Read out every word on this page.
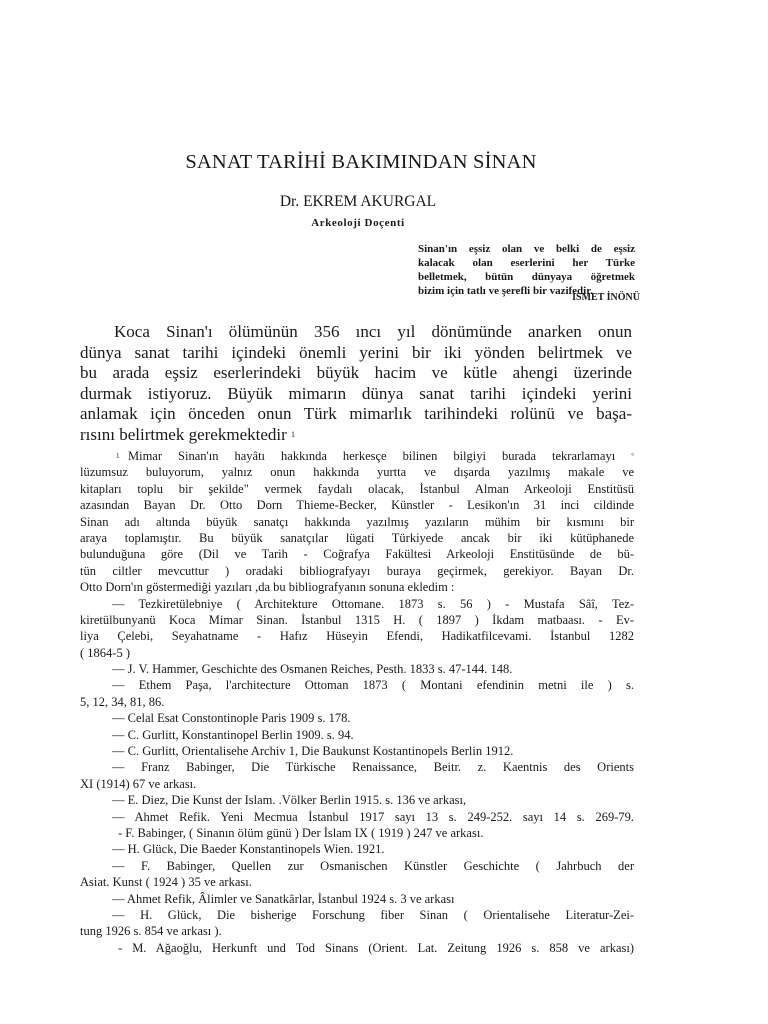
SANAT TARİHİ BAKIMINDAN SİNAN
Dr. EKREM AKURGAL
Arkeoloji Doçenti
Sinan'ın eşsiz olan ve belki de eşsiz
kalacak olan eserlerini her Türke
belletmek, bütün dünyaya öğretmek
bizim için tatlı ve şerefli bir vazifedir.
İSMET İNÖNÜ
Koca Sinan'ı ölümünün 356 ıncı yıl dönümünde anarken onun
dünya sanat tarihi içindeki önemli yerini bir iki yönden belirtmek ve
bu arada eşsiz eserlerindeki büyük hacim ve kütle ahengi üzerinde
durmak istiyoruz. Büyük mimarın dünya sanat tarihi içindeki yerini
anlamak için önceden onun Türk mimarlık tarihindeki rolünü ve başa-
rısını belirtmek gerekmektedir $^1$
1 Mimar Sinan'ın hayâtı hakkında herkesçe bilinen bilgiyi burada tekrarlamayı °
lüzumsuz buluyorum, yalnız onun hakkında yurtta ve dışarda yazılmış makale ve
kitapları toplu bir şekilde" vermek faydalı olacak, İstanbul Alman Arkeoloji Enstitüsü
azasından Bayan Dr. Otto Dorn Thieme-Becker, Künstler - Lesikon'ın 31 inci cildinde
Sinan adı altında büyük sanatçı hakkında yazılmış yazıların mühim bir kısmını bir
araya toplamıştır. Bu büyük sanatçılar lügati Türkiyede ancak bir iki kütüphanede
bulunduğuna göre (Dil ve Tarih - Coğrafya Fakültesi Arkeoloji Enstitüsünde de bü-
tün ciltler mevcuttur ) oradaki bibliografyayı buraya geçirmek, gerekiyor. Bayan Dr.
Otto Dorn'ın göstermediği yazıları ,da bu bibliografyanın sonuna ekledim :
— Tezkiretülebniye ( Architekture Ottomane. 1873 s. 56 ) - Mustafa Sâî, Tez-
kiretülbunyanü Koca Mimar Sinan. İstanbul 1315 H. ( 1897 ) İkdam matbaası. - Ev-
liya Çelebi, Seyahatname - Hafız Hüseyin Efendi, Hadikatfilcevami. İstanbul 1282
( 1864-5 )
— J. V. Hammer, Geschichte des Osmanen Reiches, Pesth. 1833 s. 47-144. 148.
— Ethem Paşa, l'architecture Ottoman 1873 ( Montani efendinin metni ile ) s.
5, 12, 34, 81, 86.
— Celal Esat Constontinople Paris 1909 s. 178.
— C. Gurlitt, Konstantinopel Berlin 1909. s. 94.
— C. Gurlitt, Orientalisehe Archiv 1, Die Baukunst Kostantinopels Berlin 1912.
— Franz Babinger, Die Türkische Renaissance, Beitr. z. Kaentnis des Orients
XI (1914) 67 ve arkası.
— E. Diez, Die Kunst der Islam. .Völker Berlin 1915. s. 136 ve arkası,
— Ahmet Refik. Yeni Mecmua İstanbul 1917 sayı 13 s. 249-252. sayı 14 s. 269-79.
- F. Babinger, ( Sinanın ölüm günü ) Der İslam IX ( 1919 ) 247 ve arkası.
— H. Glück, Die Baeder Konstantinopels Wien. 1921.
— F. Babinger, Quellen zur Osmanischen Künstler Geschichte ( Jahrbuch der
Asiat. Kunst ( 1924 ) 35 ve arkası.
— Ahmet Refik, Âlimler ve Sanatkârlar, İstanbul 1924 s. 3 ve arkası
— H. Glück, Die bisherige Forschung fiber Sinan ( Orientalisehe Literatur-Zei-
tung 1926 s. 854 ve arkası ).
- M. Ağaoğlu, Herkunft und Tod Sinans (Orient. Lat. Zeitung 1926 s. 858 ve arkası)
